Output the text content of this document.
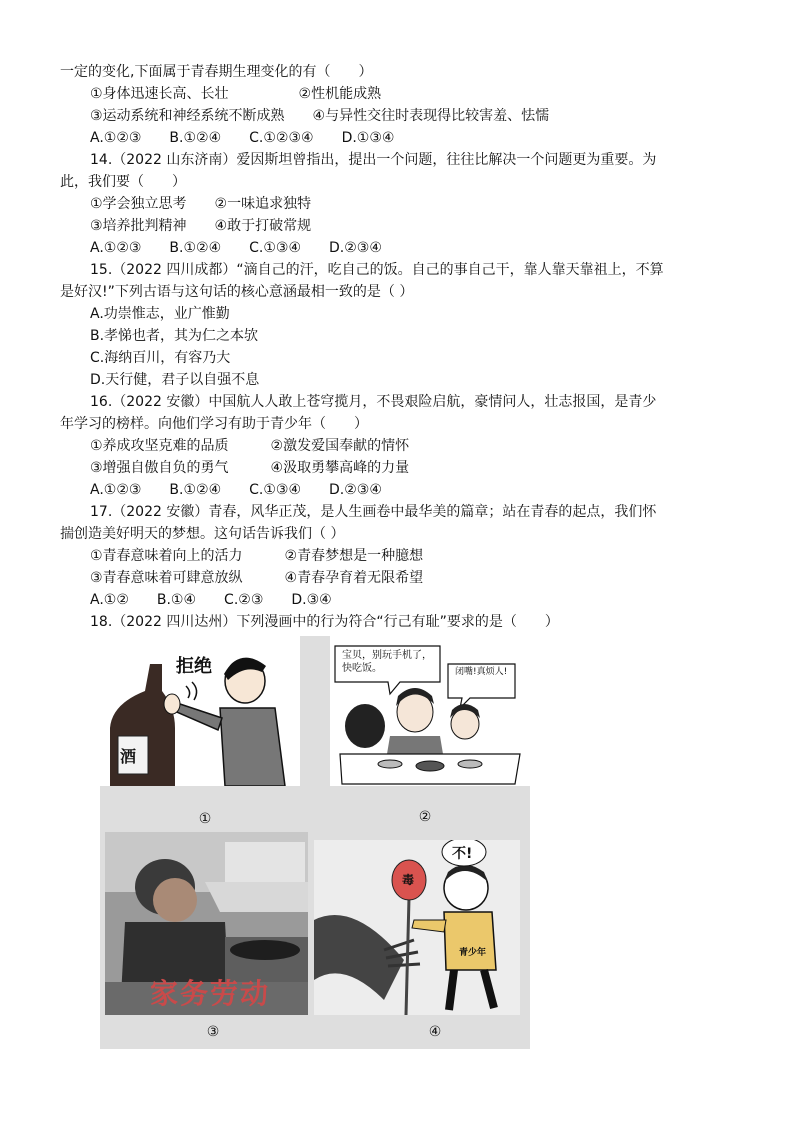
一定的变化,下面属于青春期生理变化的有（　　）
①身体迅速长高、长壮　　　　　②性机能成熟
③运动系统和神经系统不断成熟　　④与异性交往时表现得比较害羞、怯懦
A.①②③　　B.①②④　　C.①②③④　　D.①③④
14.（2022 山东济南）爱因斯坦曾指出，提出一个问题，往往比解决一个问题更为重要。为
此，我们要（　　）
①学会独立思考　　②一味追求独特
③培养批判精神　　④敢于打破常规
A.①②③　　B.①②④　　C.①③④　　D.②③④
15.（2022 四川成都）“滴自己的汗，吃自己的饭。自己的事自己干，靠人靠天靠祖上，不算
是好汉!”下列古语与这句话的核心意涵最相一致的是（ ）
A.功崇惟志，业广惟勤
B.孝悌也者，其为仁之本欤
C.海纳百川，有容乃大
D.天行健，君子以自强不息
16.（2022 安徽）中国航人人敢上苍穹揽月，不畏艰险启航，豪情问人，壮志报国，是青少
年学习的榜样。向他们学习有助于青少年（　　）
①养成攻坚克难的品质　　　②激发爱国奉献的情怀
③增强自傲自负的勇气　　　④汲取勇攀高峰的力量
A.①②③　　B.①②④　　C.①③④　　D.②③④
17.（2022 安徽）青春，风华正茂，是人生画卷中最华美的篇章；站在青春的起点，我们怀
揣创造美好明天的梦想。这句话告诉我们（ ）
①青春意味着向上的活力　　　②青春梦想是一种臆想
③青春意味着可肆意放纵　　　④青春孕育着无限希望
A.①②　　B.①④　　C.②③　　D.③④
18.（2022 四川达州）下列漫画中的行为符合“行己有耻”要求的是（　　）
拒绝
酒
宝贝，别玩手机了，快吃饭。	闭嘴!真烦人!
①	②
家务劳动
不!
毒
青少年
③	④
